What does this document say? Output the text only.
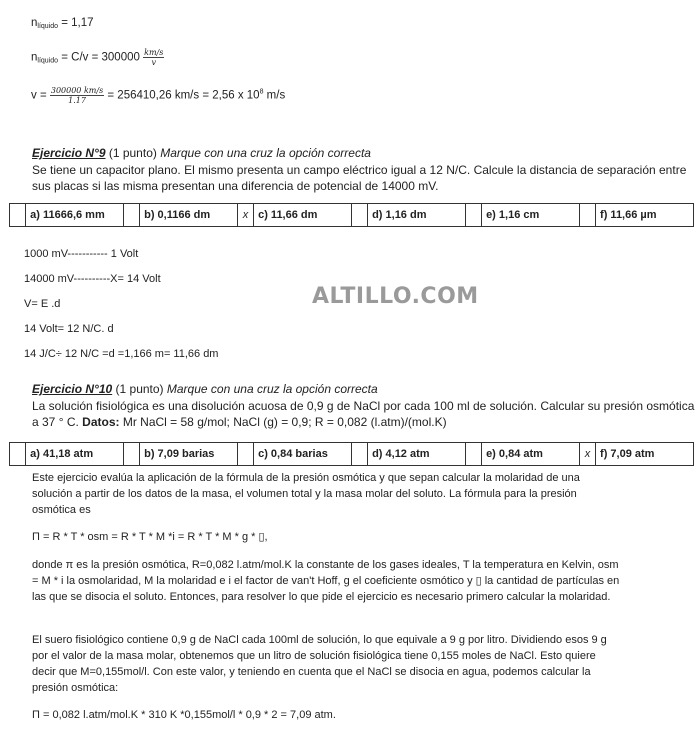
$n_{líquido} = 1,17$
$n_{líquido} = C/v = 300000 \frac{km/s}{v}$
$v = \frac{300000 km/s}{1.17} = 256410,26$ km/s = 2,56 x $10^8$ m/s
Ejercicio N°9 (1 punto) Marque con una cruz la opción correcta
Se tiene un capacitor plano. El mismo presenta un campo eléctrico igual a 12 N/C. Calcule la distancia de separación entre sus placas si las misma presentan una diferencia de potencial de 14000 mV.
	a) 11666,6 mm		b) 0,1166 dm	x	c) 11,66 dm		d) 1,16 dm		e) 1,16 cm		f) 11,66 µm
1000 mV----------- 1 Volt
14000 mV----------X= 14 Volt
V= E .d
14 Volt= 12 N/C. d
14 J/C÷ 12 N/C =d =1,166 m= 11,66 dm
ALTILLO.COM
Ejercicio N°10 (1 punto) Marque con una cruz la opción correcta
La solución fisiológica es una disolución acuosa de 0,9 g de NaCl por cada 100 ml de solución. Calcular su presión osmótica a 37 ° C. Datos: Mr NaCl = 58 g/mol; NaCl (g) = 0,9; R = 0,082 (l.atm)/(mol.K)
	a) 41,18 atm		b) 7,09 barias		c) 0,84 barias		d) 4,12 atm		e) 0,84 atm	x	f) 7,09 atm
Este ejercicio evalúa la aplicación de la fórmula de la presión osmótica y que sepan calcular la molaridad de una solución a partir de los datos de la masa, el volumen total y la masa molar del soluto. La fórmula para la presión osmótica es
Π = R * T * osm = R * T * M *i = R * T * M * g * ▯,
donde π es la presión osmótica, R=0,082 l.atm/mol.K la constante de los gases ideales, T la temperatura en Kelvin, osm = M * i la osmolaridad, M la molaridad e i el factor de van't Hoff, g el coeficiente osmótico y ▯ la cantidad de partículas en las que se disocia el soluto. Entonces, para resolver lo que pide el ejercicio es necesario primero calcular la molaridad.
El suero fisiológico contiene 0,9 g de NaCl cada 100ml de solución, lo que equivale a 9 g por litro. Dividiendo esos 9 g por el valor de la masa molar, obtenemos que un litro de solución fisiológica tiene 0,155 moles de NaCl. Esto quiere decir que M=0,155mol/l. Con este valor, y teniendo en cuenta que el NaCl se disocia en agua, podemos calcular la presión osmótica:
Π = 0,082 l.atm/mol.K * 310 K *0,155mol/l * 0,9 * 2 = 7,09 atm.
